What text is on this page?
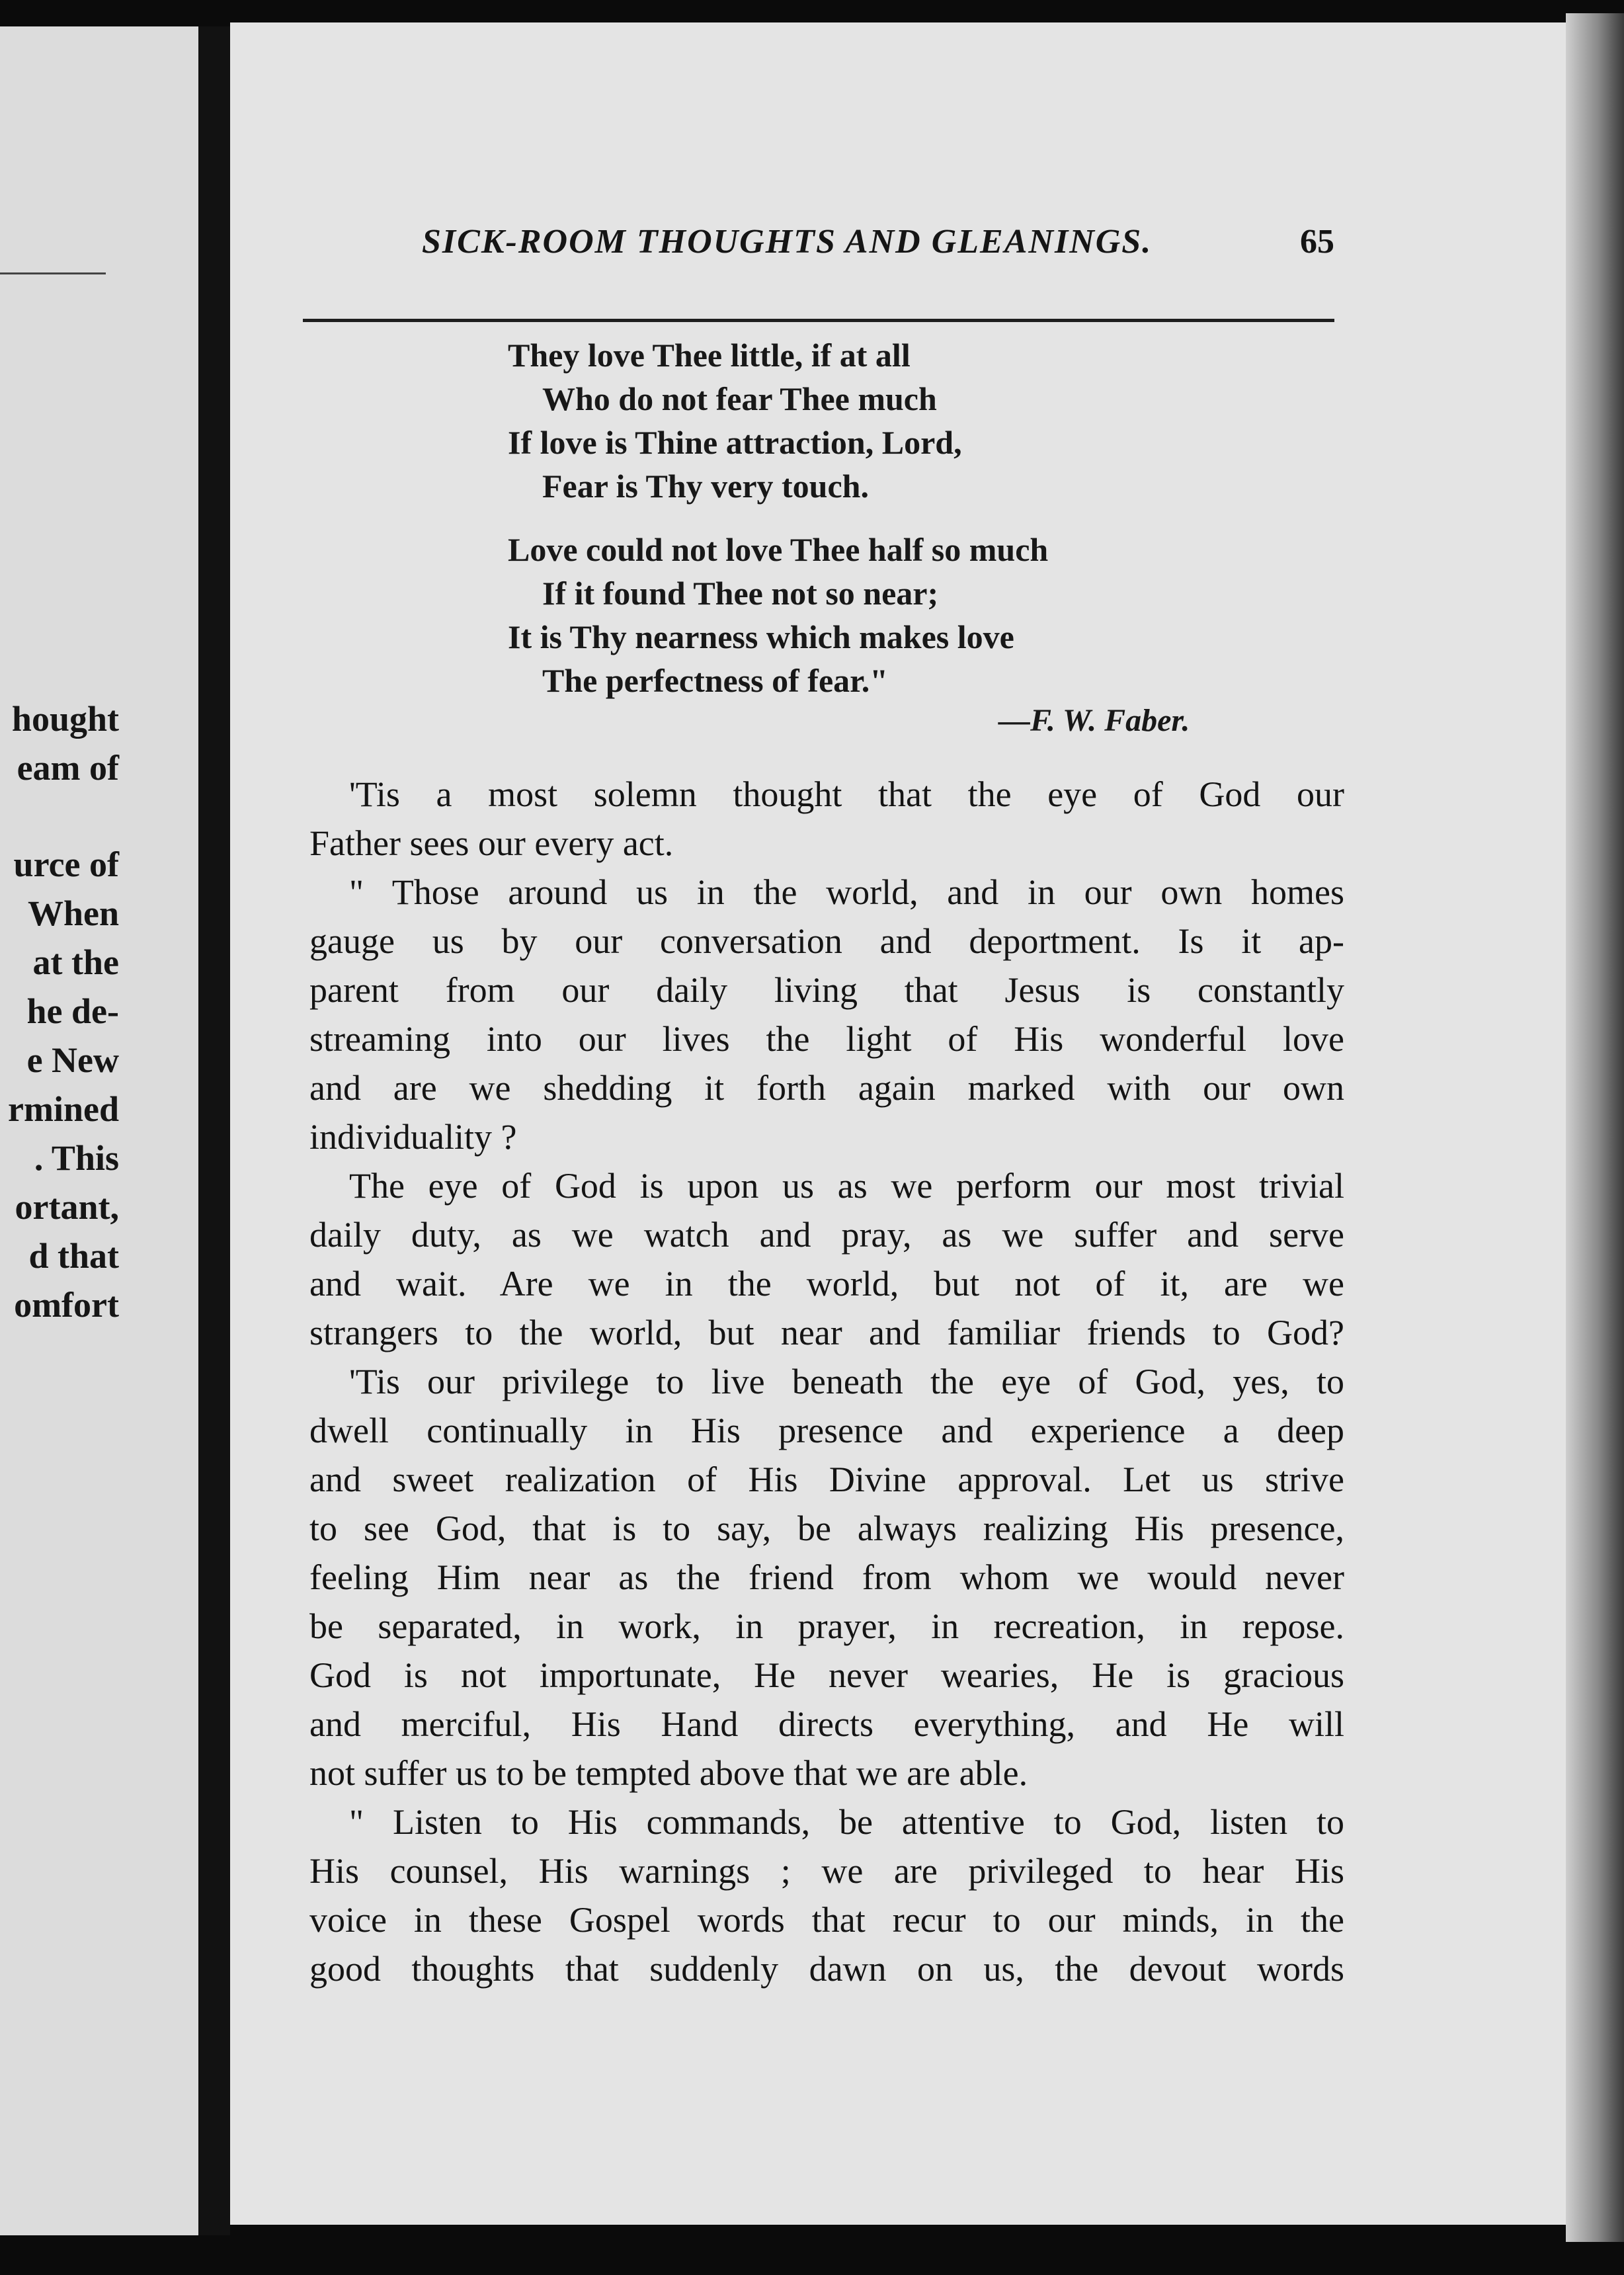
hought
eam of
urce of
When
at the
he de-
e New
rmined
. This
ortant,
d that
omfort
SICK-ROOM THOUGHTS AND GLEANINGS.	65
They love Thee little, if at all
Who do not fear Thee much
If love is Thine attraction, Lord,
Fear is Thy very touch.
Love could not love Thee half so much
If it found Thee not so near;
It is Thy nearness which makes love
The perfectness of fear."
—F. W. Faber.
'Tis a most solemn thought that the eye of God our
Father sees our every act.
" Those around us in the world, and in our own homes
gauge us by our conversation and deportment. Is it ap-
parent from our daily living that Jesus is constantly
streaming into our lives the light of His wonderful love
and are we shedding it forth again marked with our own
individuality ?
The eye of God is upon us as we perform our most trivial
daily duty, as we watch and pray, as we suffer and serve
and wait. Are we in the world, but not of it, are we
strangers to the world, but near and familiar friends to God?
'Tis our privilege to live beneath the eye of God, yes, to
dwell continually in His presence and experience a deep
and sweet realization of His Divine approval. Let us strive
to see God, that is to say, be always realizing His presence,
feeling Him near as the friend from whom we would never
be separated, in work, in prayer, in recreation, in repose.
God is not importunate, He never wearies, He is gracious
and merciful, His Hand directs everything, and He will
not suffer us to be tempted above that we are able.
" Listen to His commands, be attentive to God, listen to
His counsel, His warnings ; we are privileged to hear His
voice in these Gospel words that recur to our minds, in the
good thoughts that suddenly dawn on us, the devout words
